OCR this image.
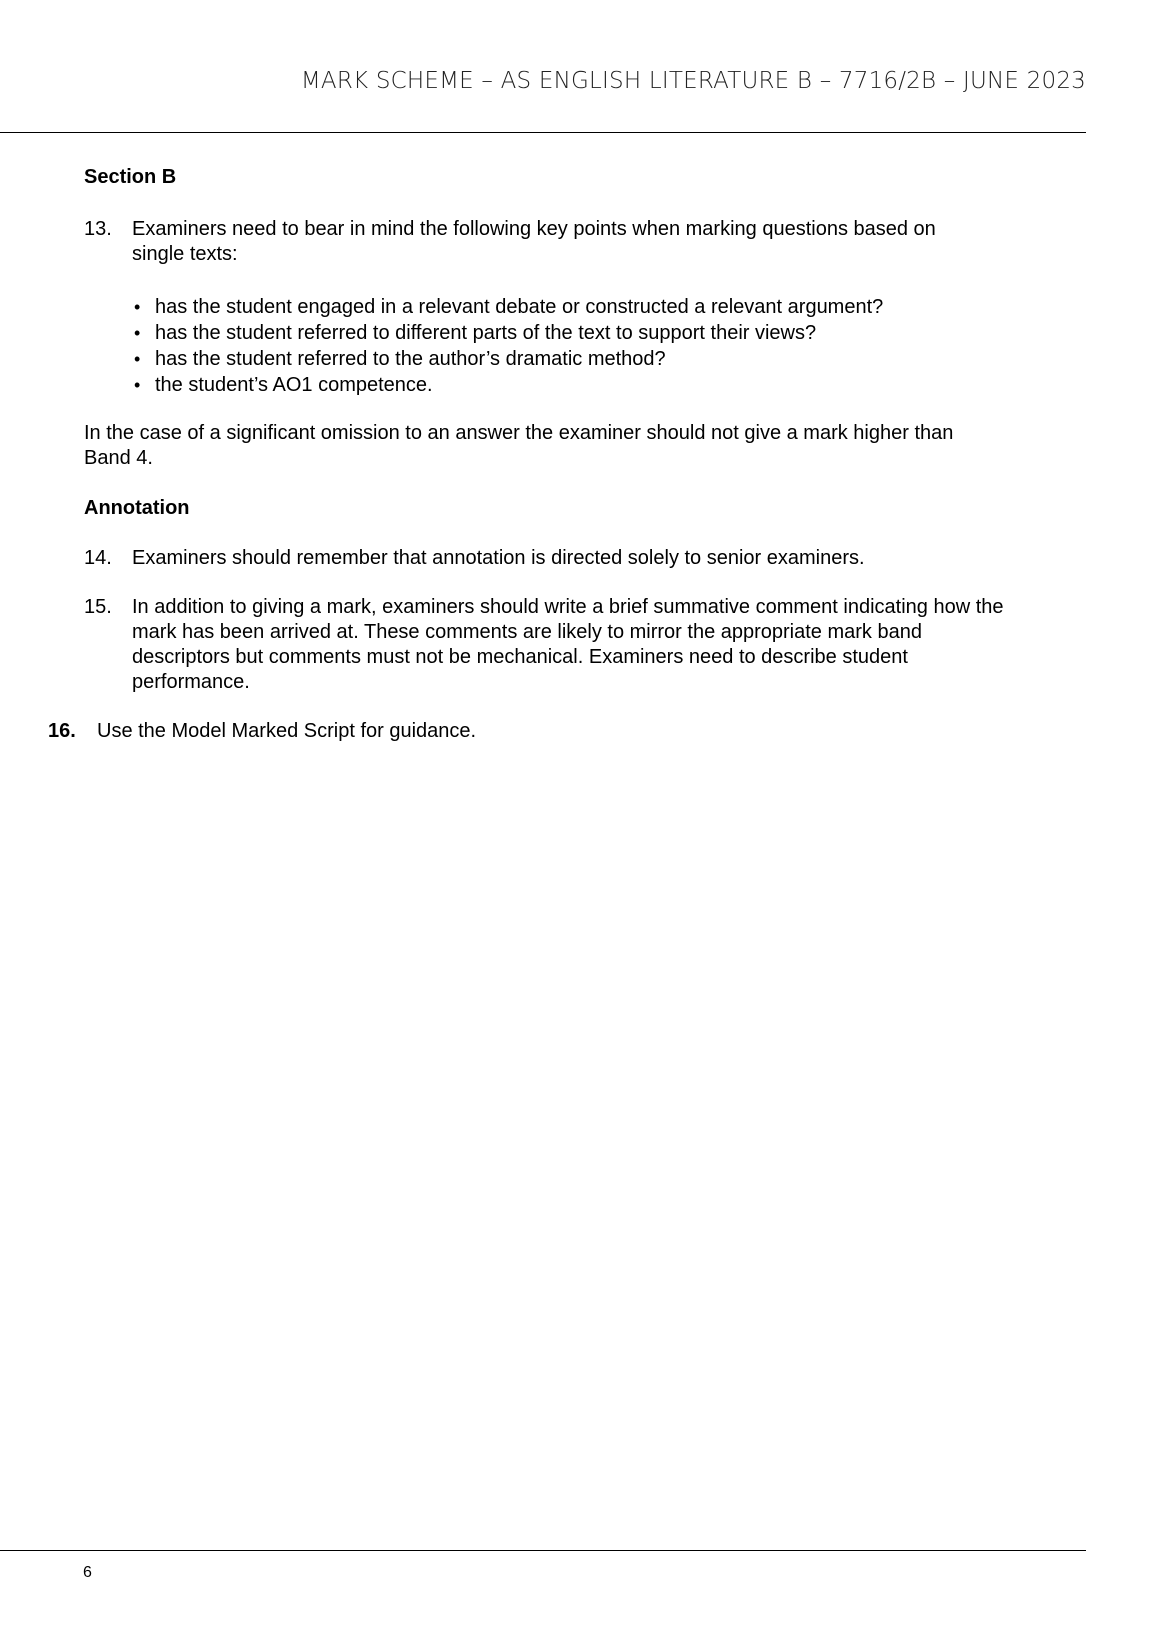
MARK SCHEME – AS ENGLISH LITERATURE B – 7716/2B – JUNE 2023
Section B
13. Examiners need to bear in mind the following key points when marking questions based on
single texts:
• has the student engaged in a relevant debate or constructed a relevant argument?
• has the student referred to different parts of the text to support their views?
• has the student referred to the author’s dramatic method?
• the student’s AO1 competence.
In the case of a significant omission to an answer the examiner should not give a mark higher than
Band 4.
Annotation
14. Examiners should remember that annotation is directed solely to senior examiners.
15. In addition to giving a mark, examiners should write a brief summative comment indicating how the
mark has been arrived at. These comments are likely to mirror the appropriate mark band
descriptors but comments must not be mechanical. Examiners need to describe student
performance.
16. Use the Model Marked Script for guidance.
6
